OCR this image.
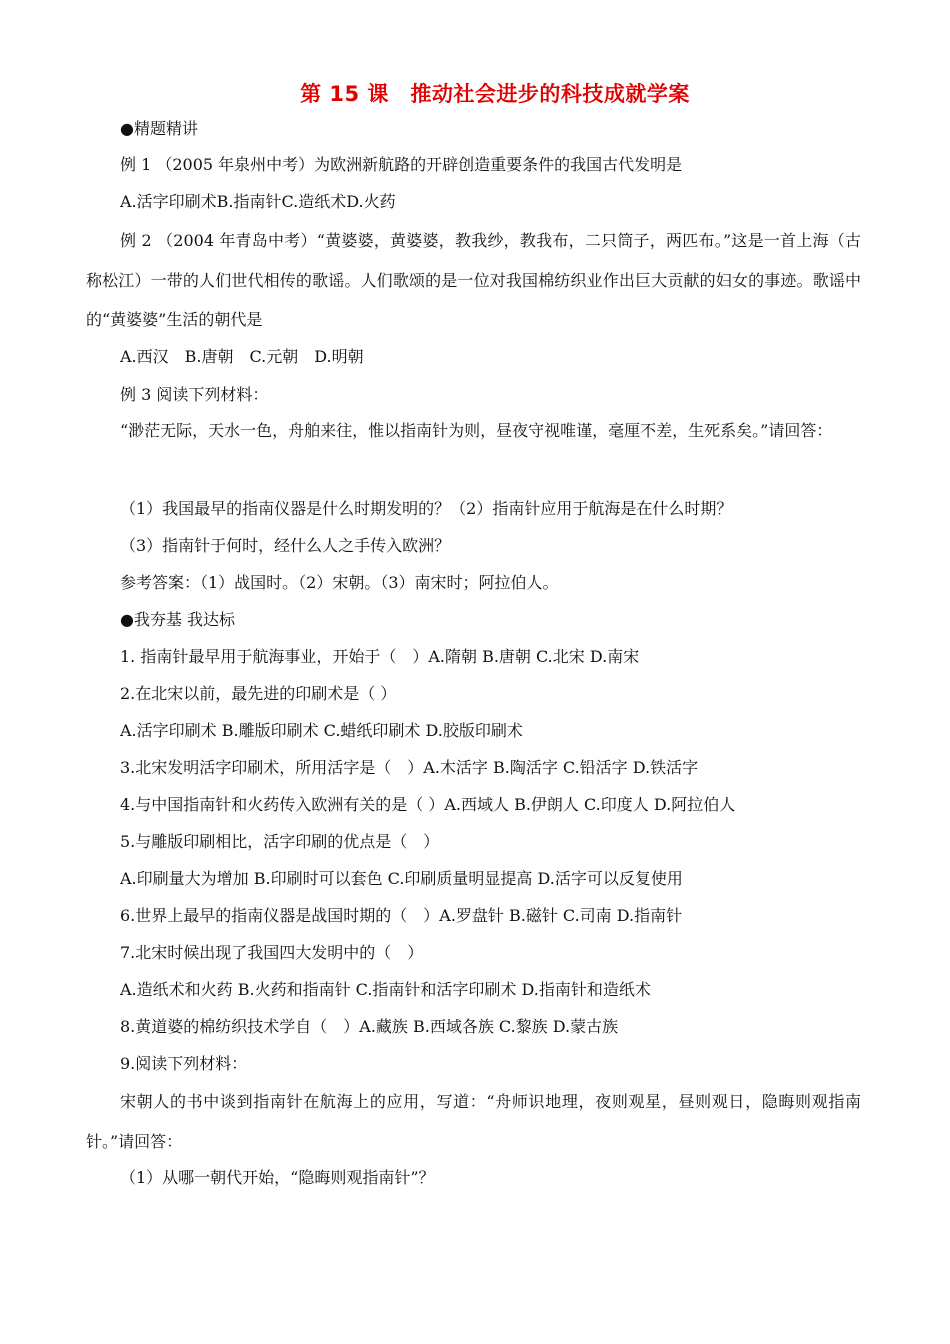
第 15 课　推动社会进步的科技成就学案
●精题精讲
例 1 （2005 年泉州中考）为欧洲新航路的开辟创造重要条件的我国古代发明是
A.活字印刷术B.指南针C.造纸术D.火药
例 2 （2004 年青岛中考）“黄婆婆，黄婆婆，教我纱，教我布，二只筒子，两匹布。”这是一首上海（古称松江）一带的人们世代相传的歌谣。人们歌颂的是一位对我国棉纺织业作出巨大贡献的妇女的事迹。歌谣中的“黄婆婆”生活的朝代是
A.西汉　B.唐朝　C.元朝　D.明朝
例 3 阅读下列材料：
“渺茫无际，天水一色，舟舶来往，惟以指南针为则，昼夜守视唯谨，毫厘不差，生死系矣。”请回答：
（1）我国最早的指南仪器是什么时期发明的？（2）指南针应用于航海是在什么时期？
（3）指南针于何时，经什么人之手传入欧洲？
参考答案：（1）战国时。（2）宋朝。（3）南宋时；阿拉伯人。
●我夯基 我达标
1. 指南针最早用于航海事业，开始于（　）A.隋朝 B.唐朝 C.北宋 D.南宋
2.在北宋以前，最先进的印刷术是（ ）
A.活字印刷术 B.雕版印刷术 C.蜡纸印刷术 D.胶版印刷术
3.北宋发明活字印刷术，所用活字是（　）A.木活字 B.陶活字 C.铅活字 D.铁活字
4.与中国指南针和火药传入欧洲有关的是（ ）A.西域人 B.伊朗人 C.印度人 D.阿拉伯人
5.与雕版印刷相比，活字印刷的优点是（　）
A.印刷量大为增加 B.印刷时可以套色 C.印刷质量明显提高 D.活字可以反复使用
6.世界上最早的指南仪器是战国时期的（　）A.罗盘针 B.磁针 C.司南 D.指南针
7.北宋时候出现了我国四大发明中的（　）
A.造纸术和火药 B.火药和指南针 C.指南针和活字印刷术 D.指南针和造纸术
8.黄道婆的棉纺织技术学自（　）A.藏族 B.西域各族 C.黎族 D.蒙古族
9.阅读下列材料：
宋朝人的书中谈到指南针在航海上的应用，写道：“舟师识地理，夜则观星，昼则观日，隐晦则观指南针。”请回答：
（1）从哪一朝代开始，“隐晦则观指南针”？
